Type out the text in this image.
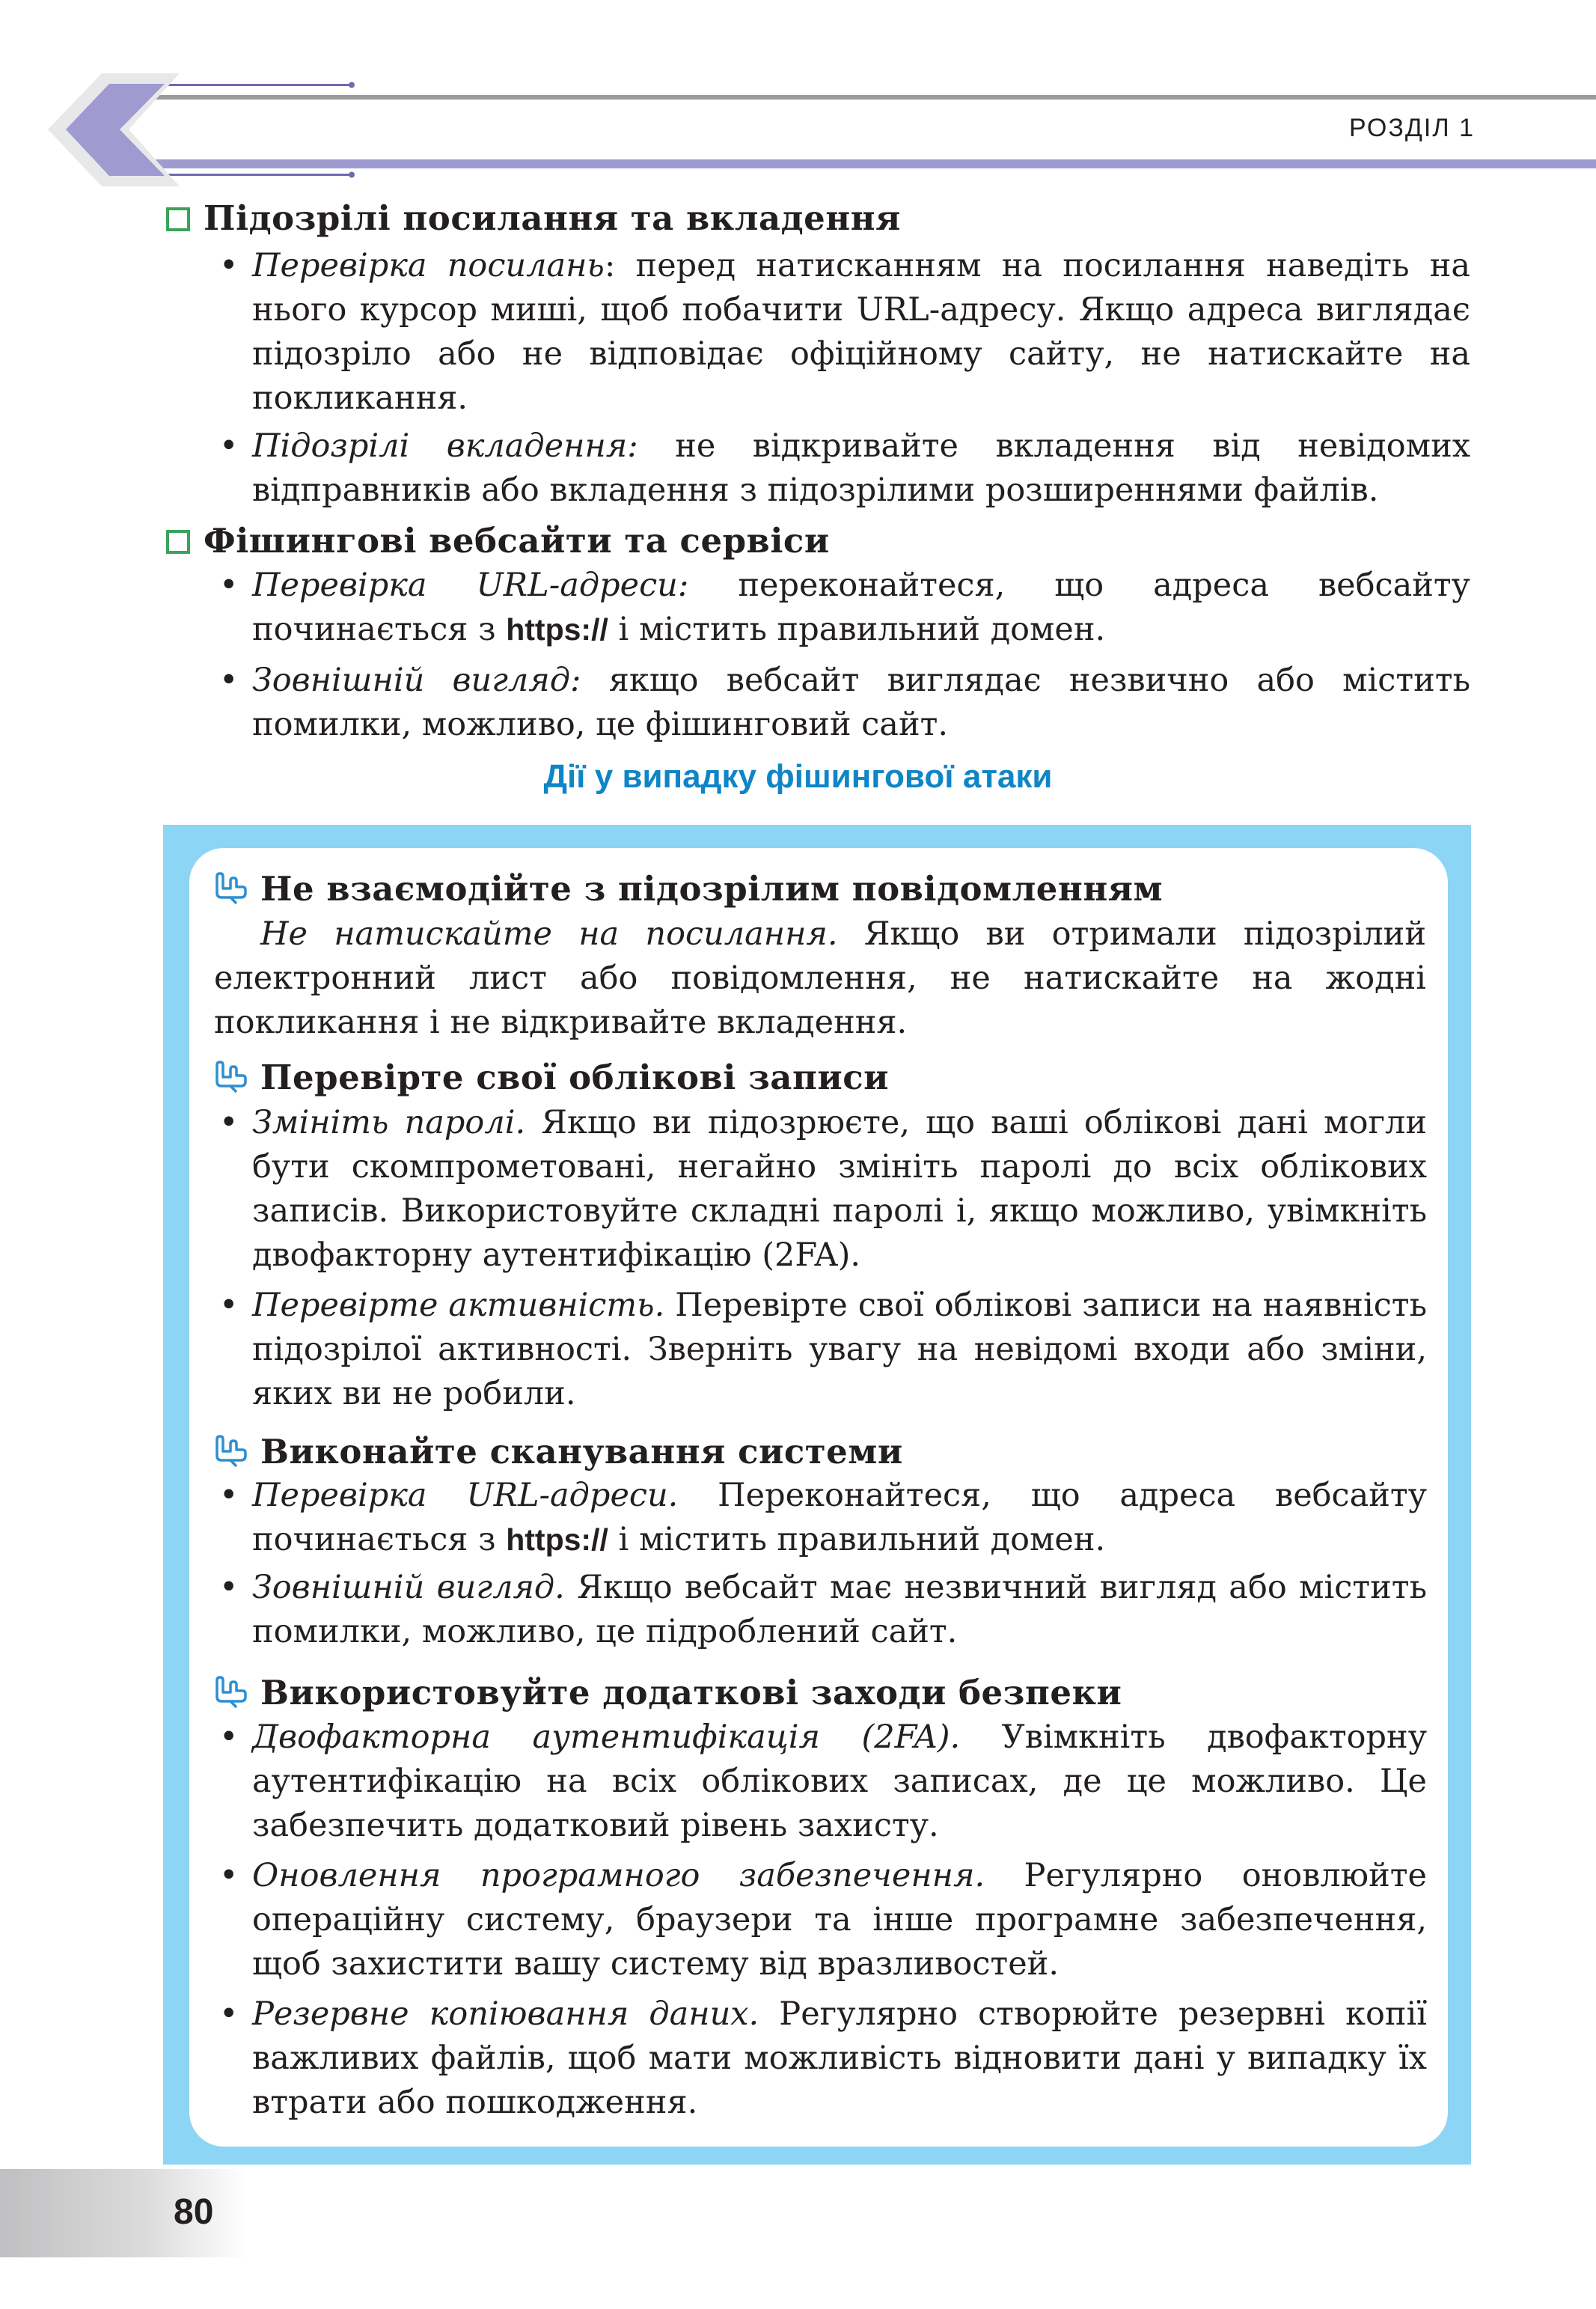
РОЗДІЛ 1
Підозрілі посилання та вкладення
• Перевірка посилань: перед натисканням на посилання наведіть на нього курсор миші, щоб побачити URL-адресу. Якщо адреса виглядає підозріло або не відповідає офіційному сайту, не натискайте на покликання.
• Підозрілі вкладення: не відкривайте вкладення від невідомих відправників або вкладення з підозрілими розширеннями файлів.
Фішингові вебсайти та сервіси
• Перевірка URL-адреси: переконайтеся, що адреса вебсайту починається з https:// і містить правильний домен.
• Зовнішній вигляд: якщо вебсайт виглядає незвично або містить помилки, можливо, це фішинговий сайт.
Дії у випадку фішингової атаки
Не взаємодійте з підозрілим повідомленням
Не натискайте на посилання. Якщо ви отримали підозрілий електронний лист або повідомлення, не натискайте на жодні покликання і не відкривайте вкладення.
Перевірте свої облікові записи
• Змініть паролі. Якщо ви підозрюєте, що ваші облікові дані могли бути скомпрометовані, негайно змініть паролі до всіх облікових записів. Використовуйте складні паролі і, якщо можливо, увімкніть двофакторну аутентифікацію (2FA).
• Перевірте активність. Перевірте свої облікові записи на наявність підозрілої активності. Зверніть увагу на невідомі входи або зміни, яких ви не робили.
Виконайте сканування системи
• Перевірка URL-адреси. Переконайтеся, що адреса вебсайту починається з https:// і містить правильний домен.
• Зовнішній вигляд. Якщо вебсайт має незвичний вигляд або містить помилки, можливо, це підроблений сайт.
Використовуйте додаткові заходи безпеки
• Двофакторна аутентифікація (2FA). Увімкніть двофакторну аутентифікацію на всіх облікових записах, де це можливо. Це забезпечить додатковий рівень захисту.
• Оновлення програмного забезпечення. Регулярно оновлюйте операційну систему, браузери та інше програмне забезпечення, щоб захистити вашу систему від вразливостей.
• Резервне копіювання даних. Регулярно створюйте резервні копії важливих файлів, щоб мати можливість відновити дані у випадку їх втрати або пошкодження.
80
